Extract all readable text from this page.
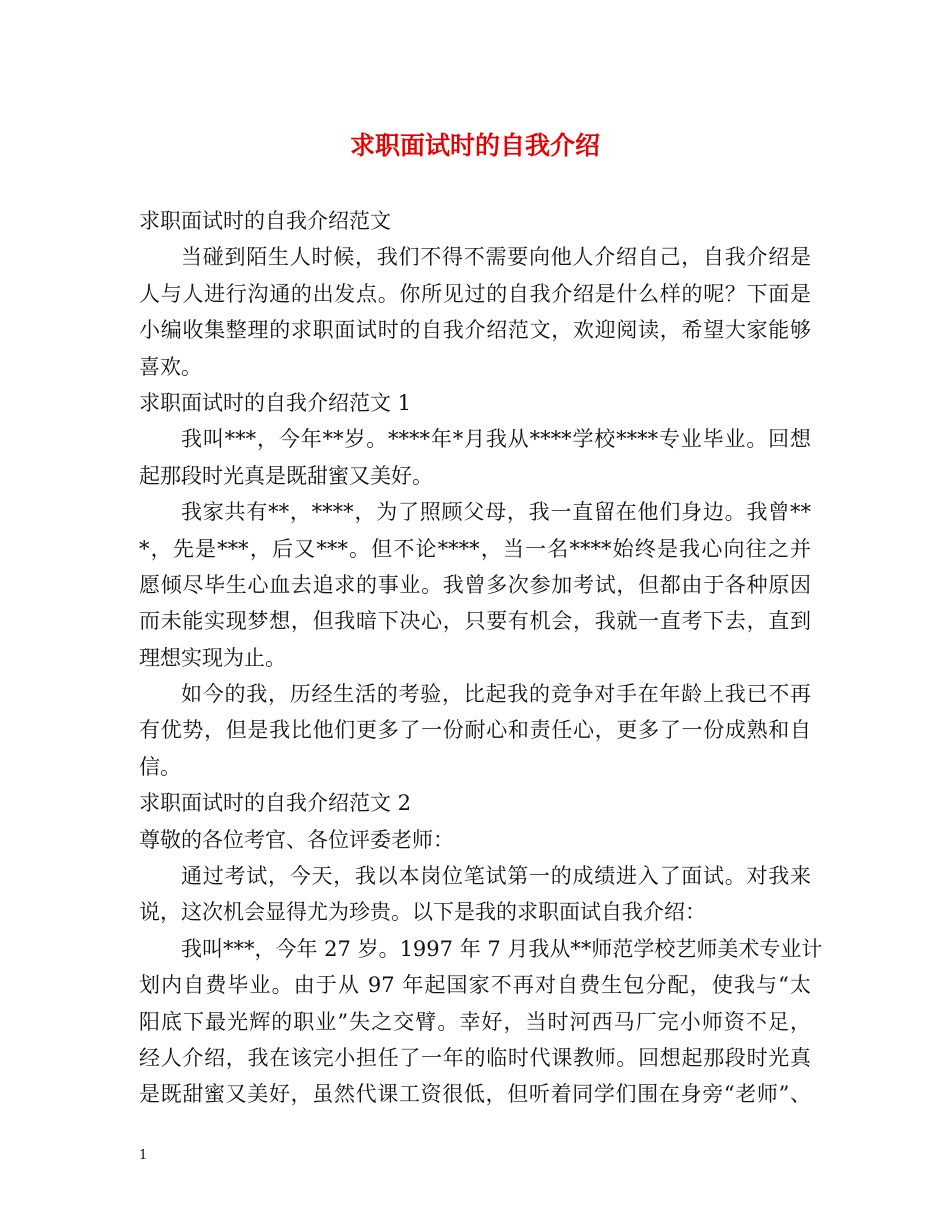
求职面试时的自我介绍

求职面试时的自我介绍范文

当碰到陌生人时候，我们不得不需要向他人介绍自己，自我介绍是

人与人进行沟通的出发点。你所见过的自我介绍是什么样的呢？下面是

小编收集整理的求职面试时的自我介绍范文，欢迎阅读，希望大家能够

喜欢。

求职面试时的自我介绍范文 1

我叫***，今年**岁。****年*月我从****学校****专业毕业。回想

起那段时光真是既甜蜜又美好。

我家共有**，****，为了照顾父母，我一直留在他们身边。我曾**

*，先是***，后又***。但不论****，当一名****始终是我心向往之并

愿倾尽毕生心血去追求的事业。我曾多次参加考试，但都由于各种原因

而未能实现梦想，但我暗下决心，只要有机会，我就一直考下去，直到

理想实现为止。

如今的我，历经生活的考验，比起我的竞争对手在年龄上我已不再

有优势，但是我比他们更多了一份耐心和责任心，更多了一份成熟和自

信。

求职面试时的自我介绍范文 2

尊敬的各位考官、各位评委老师：

通过考试，今天，我以本岗位笔试第一的成绩进入了面试。对我来

说，这次机会显得尤为珍贵。以下是我的求职面试自我介绍：

我叫***，今年 27 岁。1997 年 7 月我从**师范学校艺师美术专业计

划内自费毕业。由于从 97 年起国家不再对自费生包分配，使我与“太

阳底下最光辉的职业”失之交臂。幸好，当时河西马厂完小师资不足，

经人介绍，我在该完小担任了一年的临时代课教师。回想起那段时光真

是既甜蜜又美好，虽然代课工资很低，但听着同学们围在身旁“老师”、

1
